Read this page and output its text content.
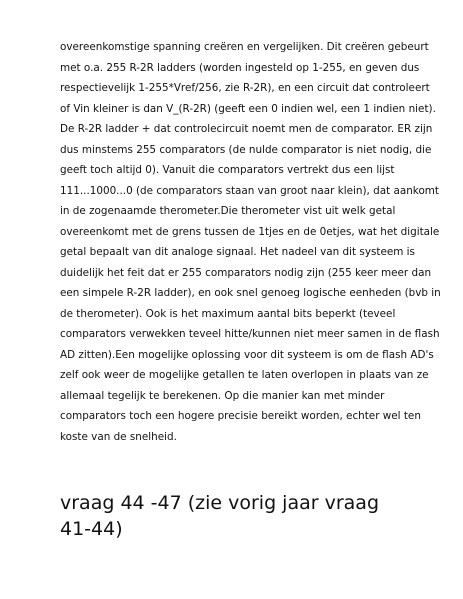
overeenkomstige spanning creëren en vergelijken. Dit creëren gebeurt
met o.a. 255 R-2R ladders (worden ingesteld op 1-255, en geven dus
respectievelijk 1-255*Vref/256, zie R-2R), en een circuit dat controleert
of Vin kleiner is dan V_(R-2R) (geeft een 0 indien wel, een 1 indien niet).
De R-2R ladder + dat controlecircuit noemt men de comparator. ER zijn
dus minstems 255 comparators (de nulde comparator is niet nodig, die
geeft toch altijd 0). Vanuit die comparators vertrekt dus een lijst
111...1000...0 (de comparators staan van groot naar klein), dat aankomt
in de zogenaamde therometer.Die therometer vist uit welk getal
overeenkomt met de grens tussen de 1tjes en de 0etjes, wat het digitale
getal bepaalt van dit analoge signaal. Het nadeel van dit systeem is
duidelijk het feit dat er 255 comparators nodig zijn (255 keer meer dan
een simpele R-2R ladder), en ook snel genoeg logische eenheden (bvb in
de therometer). Ook is het maximum aantal bits beperkt (teveel
comparators verwekken teveel hitte/kunnen niet meer samen in de flash
AD zitten).Een mogelijke oplossing voor dit systeem is om de flash AD's
zelf ook weer de mogelijke getallen te laten overlopen in plaats van ze
allemaal tegelijk te berekenen. Op die manier kan met minder
comparators toch een hogere precisie bereikt worden, echter wel ten
koste van de snelheid.
vraag 44 -47 (zie vorig jaar vraag
41-44)
